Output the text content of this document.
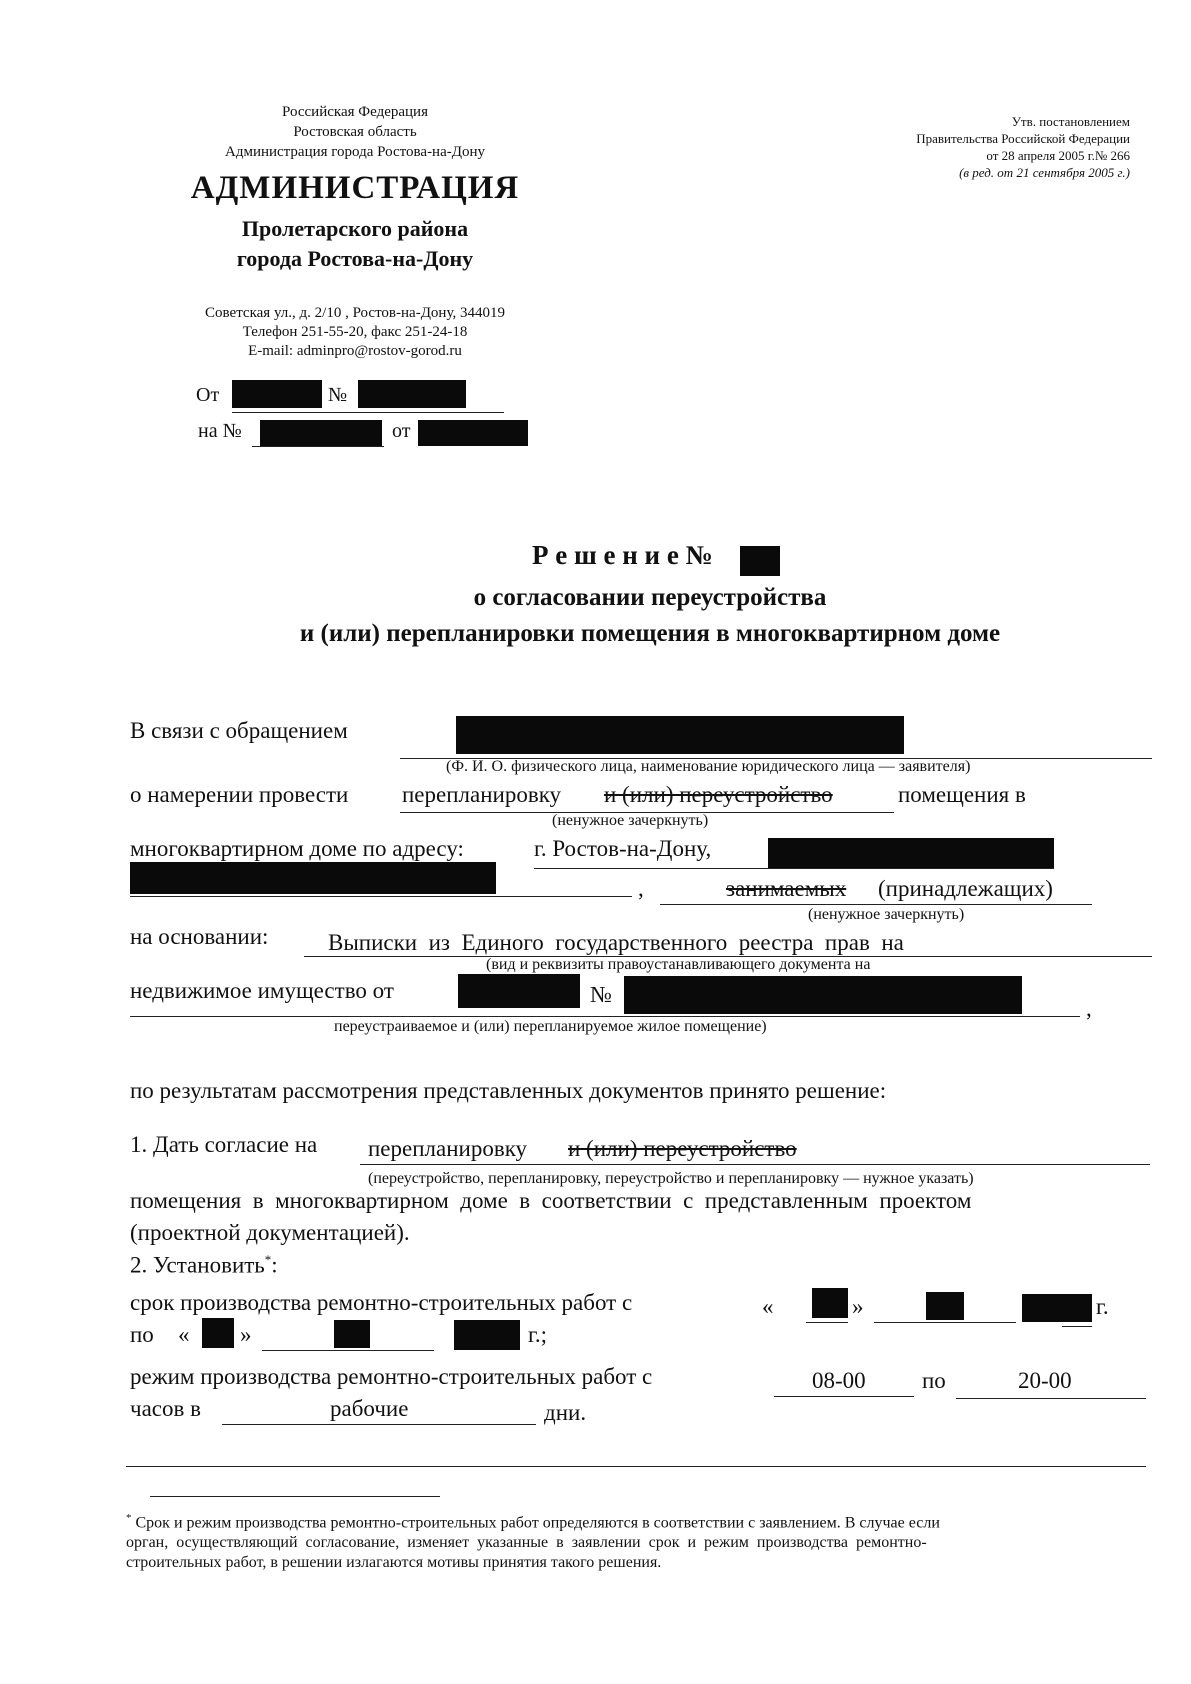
Российская Федерация
Ростовская область
Администрация города Ростова-на-Дону
АДМИНИСТРАЦИЯ
Пролетарского района
города Ростова-на-Дону
Советская ул., д. 2/10 , Ростов-на-Дону, 344019
Телефон 251-55-20, факс 251-24-18
E-mail: adminpro@rostov-gorod.ru
От	№
на №	от
Утв. постановлением
Правительства Российской Федерации
от 28 апреля 2005 г.№ 266
(в ред. от 21 сентября 2005 г.)
Р е ш е н и е №
о согласовании переустройства
и (или) перепланировки помещения в многоквартирном доме
В связи с обращением
(Ф. И. О. физического лица, наименование юридического лица — заявителя)
о намерении провести перепланировку и (или) переустройство	помещения в
(ненужное зачеркнуть)
многоквартирном доме по адресу:	г. Ростов-на-Дону,
,	занимаемых (принадлежащих)
(ненужное зачеркнуть)
на основании:	Выписки  из  Единого  государственного  реестра  прав  на
(вид и реквизиты правоустанавливающего документа на
недвижимое имущество от	№
,
переустраиваемое и (или) перепланируемое жилое помещение)
по результатам рассмотрения представленных документов принято решение:
1. Дать согласие на перепланировку и (или) переустройство
(переустройство, перепланировку, переустройство и перепланировку — нужное указать)
помещения  в  многоквартирном  доме  в  соответствии  с  представленным  проектом
(проектной документацией).
2. Установить*:
срок производства ремонтно-строительных работ с	«	»	г.
по « »	г.;
режим производства ремонтно-строительных работ с	08-00 по	20-00
часов в	рабочие	дни.
* Срок и режим производства ремонтно-строительных работ определяются в соответствии с заявлением. В случае если
орган,  осуществляющий  согласование,  изменяет  указанные  в  заявлении  срок  и  режим  производства  ремонтно-
строительных работ, в решении излагаются мотивы принятия такого решения.
